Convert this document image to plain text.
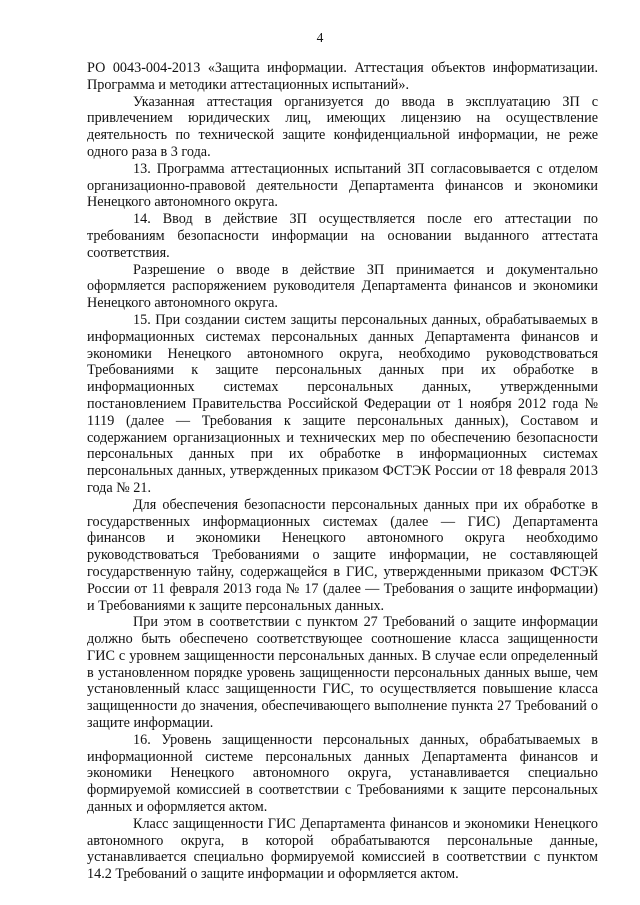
4

РО 0043-004-2013 «Защита информации. Аттестация объектов информатизации. Программа и методики аттестационных испытаний».

Указанная аттестация организуется до ввода в эксплуатацию ЗП с привлечением юридических лиц, имеющих лицензию на осуществление деятельность по технической защите конфиденциальной информации, не реже одного раза в 3 года.

13. Программа аттестационных испытаний ЗП согласовывается с отделом организационно-правовой деятельности Департамента финансов и экономики Ненецкого автономного округа.

14. Ввод в действие ЗП осуществляется после его аттестации по требованиям безопасности информации на основании выданного аттестата соответствия.

Разрешение о вводе в действие ЗП принимается и документально оформляется распоряжением руководителя Департамента финансов и экономики Ненецкого автономного округа.

15. При создании систем защиты персональных данных, обрабатываемых в информационных системах персональных данных Департамента финансов и экономики Ненецкого автономного округа, необходимо руководствоваться Требованиями к защите персональных данных при их обработке в информационных системах персональных данных, утвержденными постановлением Правительства Российской Федерации от 1 ноября 2012 года № 1119 (далее — Требования к защите персональных данных), Составом и содержанием организационных и технических мер по обеспечению безопасности персональных данных при их обработке в информационных системах персональных данных, утвержденных приказом ФСТЭК России от 18 февраля 2013 года № 21.

Для обеспечения безопасности персональных данных при их обработке в государственных информационных системах (далее — ГИС) Департамента финансов и экономики Ненецкого автономного округа необходимо руководствоваться Требованиями о защите информации, не составляющей государственную тайну, содержащейся в ГИС, утвержденными приказом ФСТЭК России от 11 февраля 2013 года № 17 (далее — Требования о защите информации) и Требованиями к защите персональных данных.

При этом в соответствии с пунктом 27 Требований о защите информации должно быть обеспечено соответствующее соотношение класса защищенности ГИС с уровнем защищенности персональных данных. В случае если определенный в установленном порядке уровень защищенности персональных данных выше, чем установленный класс защищенности ГИС, то осуществляется повышение класса защищенности до значения, обеспечивающего выполнение пункта 27 Требований о защите информации.

16. Уровень защищенности персональных данных, обрабатываемых в информационной системе персональных данных Департамента финансов и экономики Ненецкого автономного округа, устанавливается специально формируемой комиссией в соответствии с Требованиями к защите персональных данных и оформляется актом.

Класс защищенности ГИС Департамента финансов и экономики Ненецкого автономного округа, в которой обрабатываются персональные данные, устанавливается специально формируемой комиссией в соответствии с пунктом 14.2 Требований о защите информации и оформляется актом.
